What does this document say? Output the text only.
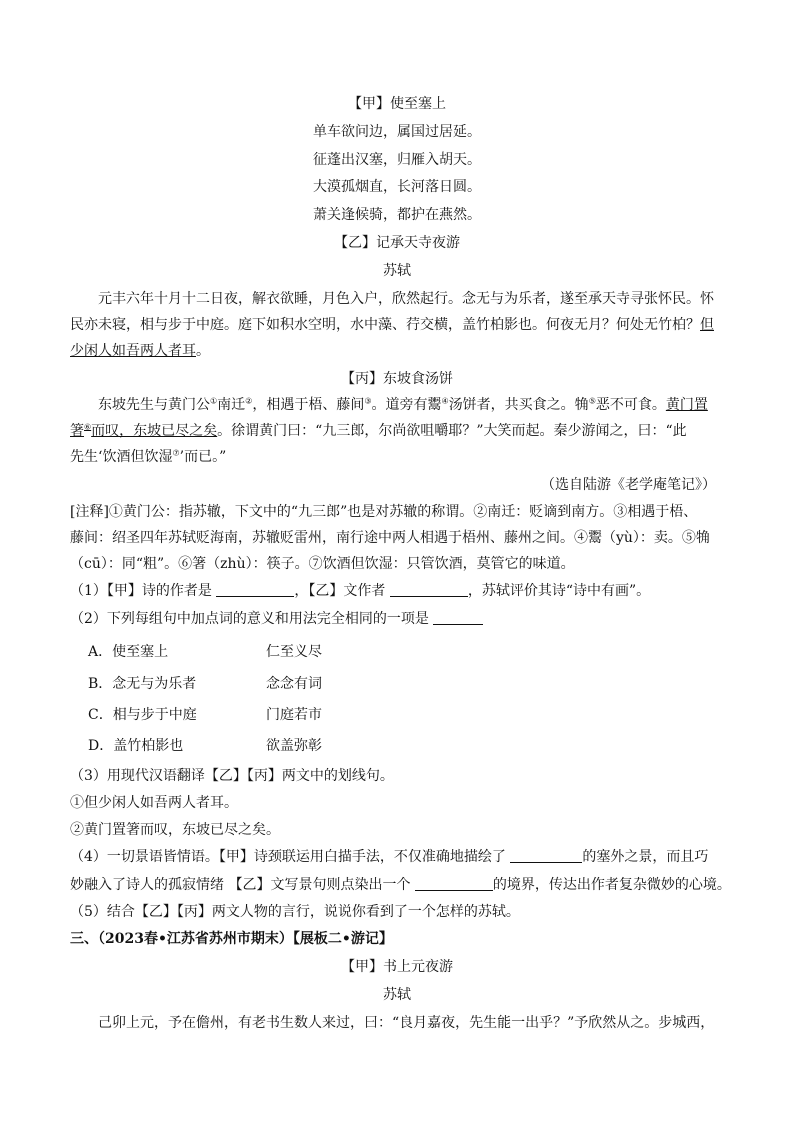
【甲】使至塞上
单车欲问边，属国过居延。
征蓬出汉塞，归雁入胡天。
大漠孤烟直，长河落日圆。
萧关逢候骑，都护在燕然。
【乙】记承天寺夜游
苏轼
元丰六年十月十二日夜，解衣欲睡，月色入户，欣然起行。念无与为乐者，遂至承天寺寻张怀民。怀
民亦未寝，相与步于中庭。庭下如积水空明，水中藻、荇交横，盖竹柏影也。何夜无月？何处无竹柏？但
少闲人如吾两人者耳。
【丙】东坡食汤饼
东坡先生与黄门公①南迁②，相遇于梧、藤间③。道旁有鬻④汤饼者，共买食之。觕⑤恶不可食。黄门置
箸⑥而叹，东坡已尽之矣。徐谓黄门曰：“九三郎，尔尚欲咀嚼耶？”大笑而起。秦少游闻之，曰：“此
先生‘饮酒但饮湿⑦’而已。”
（选自陆游《老学庵笔记》）
[注释]①黄门公：指苏辙，下文中的“九三郎”也是对苏辙的称谓。②南迁：贬谪到南方。③相遇于梧、
藤间：绍圣四年苏轼贬海南，苏辙贬雷州，南行途中两人相遇于梧州、藤州之间。④鬻（yù）：卖。⑤觕
（cū）：同“粗”。⑥箸（zhù）：筷子。⑦饮酒但饮湿：只管饮酒，莫管它的味道。
（1）【甲】诗的作者是	，【乙】文作者	，苏轼评价其诗“诗中有画”。
（2）下列每组句中加点词的意义和用法完全相同的一项是
A．使至塞上	仁至义尽
B．念无与为乐者	念念有词
C．相与步于中庭	门庭若市
D．盖竹柏影也	欲盖弥彰
（3）用现代汉语翻译【乙】【丙】两文中的划线句。
①但少闲人如吾两人者耳。
②黄门置箸而叹，东坡已尽之矣。
（4）一切景语皆情语。【甲】诗颈联运用白描手法，不仅准确地描绘了	的塞外之景，而且巧
妙融入了诗人的孤寂情绪 【乙】文写景句则点染出一个	的境界，传达出作者复杂微妙的心境。
（5）结合【乙】【丙】两文人物的言行，说说你看到了一个怎样的苏轼。
三、（2023春•江苏省苏州市期末）【展板二•游记】
【甲】书上元夜游
苏轼
己卯上元，予在儋州，有老书生数人来过，曰：“良月嘉夜，先生能一出乎？”予欣然从之。步城西，
